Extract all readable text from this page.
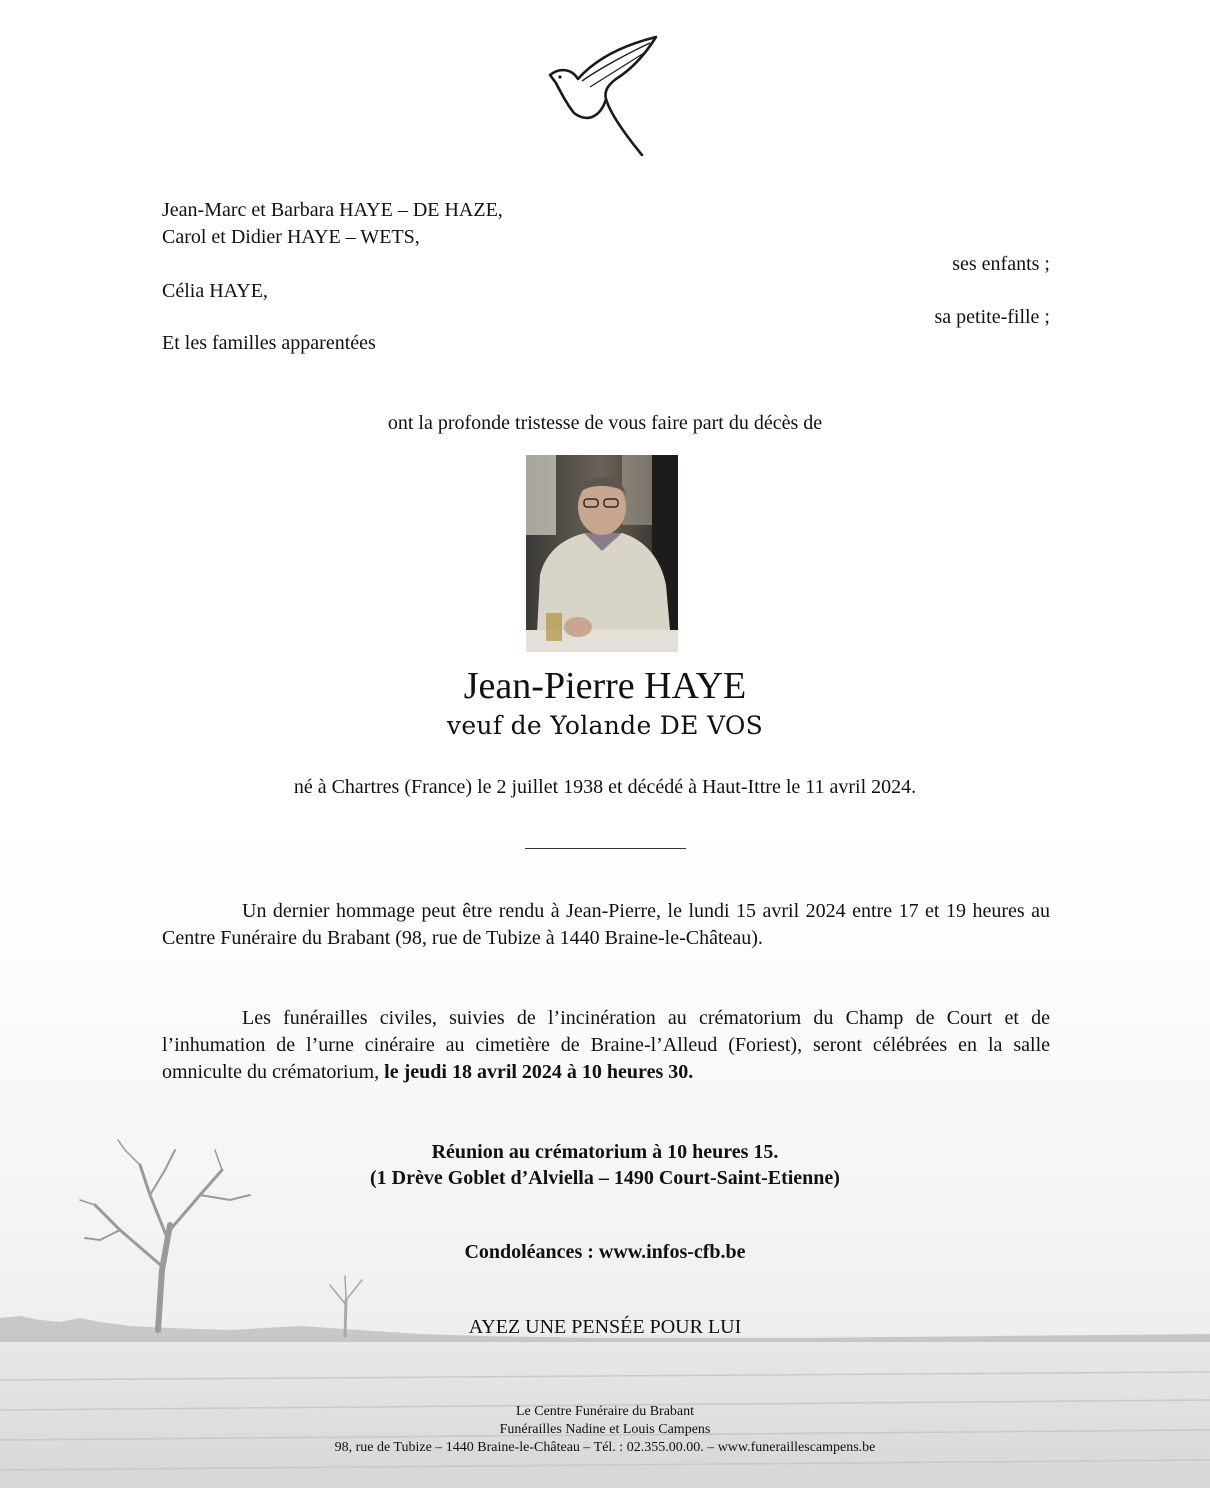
Jean-Marc et Barbara HAYE – DE HAZE,
Carol et Didier HAYE – WETS,
ses enfants ;
Célia HAYE,
sa petite-fille ;
Et les familles apparentées
ont la profonde tristesse de vous faire part du décès de
Jean-Pierre HAYE
veuf de Yolande DE VOS
né à Chartres (France) le 2 juillet 1938 et décédé à Haut-Ittre le 11 avril 2024.
Un dernier hommage peut être rendu à Jean-Pierre, le lundi 15 avril 2024 entre 17 et 19 heures au Centre Funéraire du Brabant (98, rue de Tubize à 1440 Braine-le-Château).
Les funérailles civiles, suivies de l’incinération au crématorium du Champ de Court et de l’inhumation de l’urne cinéraire au cimetière de Braine-l’Alleud (Foriest), seront célébrées en la salle omniculte du crématorium, le jeudi 18 avril 2024 à 10 heures 30.
Réunion au crématorium à 10 heures 15.
(1 Drève Goblet d’Alviella – 1490 Court-Saint-Etienne)
Condoléances : www.infos-cfb.be
AYEZ UNE PENSÉE POUR LUI
Le Centre Funéraire du Brabant
Funérailles Nadine et Louis Campens
98, rue de Tubize – 1440 Braine-le-Château – Tél. : 02.355.00.00. – www.funeraillescampens.be
